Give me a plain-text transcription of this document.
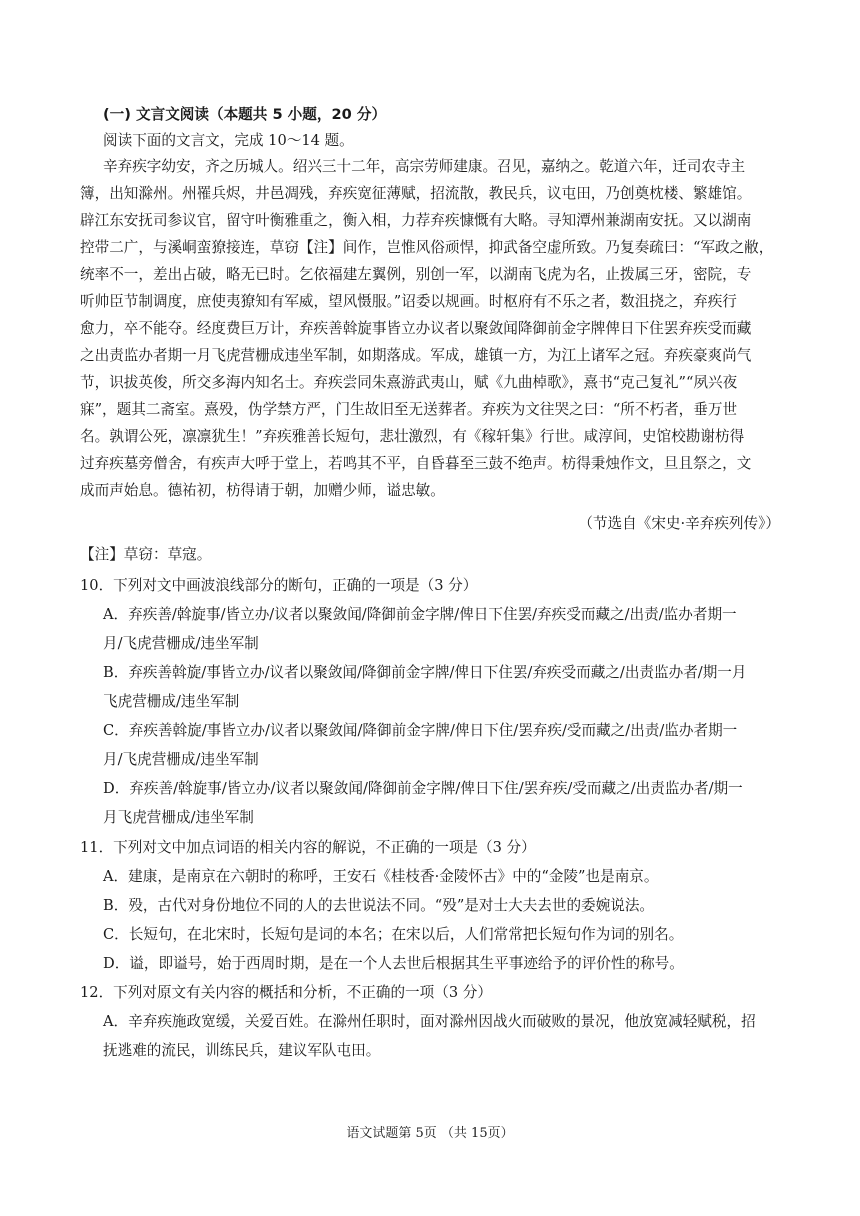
(一) 文言文阅读（本题共 5 小题，20 分）
阅读下面的文言文，完成 10～14 题。
辛弃疾字幼安，齐之历城人。绍兴三十二年，高宗劳师建康。召见，嘉纳之。乾道六年，迁司农寺主
簿，出知滁州。州罹兵烬，井邑凋残，弃疾宽征薄赋，招流散，教民兵，议屯田，乃创奠枕楼、繁雄馆。
辟江东安抚司参议官，留守叶衡雅重之，衡入相，力荐弃疾慷慨有大略。寻知潭州兼湖南安抚。又以湖南
控带二广，与溪峒蛮獠接连，草窃【注】间作，岂惟风俗顽悍，抑武备空虚所致。乃复奏疏曰：“军政之敝，
统率不一，差出占破，略无已时。乞依福建左翼例，别创一军，以湖南飞虎为名，止拨属三牙，密院，专
听帅臣节制调度，庶使夷獠知有军威，望风慑服。”诏委以规画。时枢府有不乐之者，数沮挠之，弃疾行
愈力，卒不能夺。经度费巨万计，弃疾善斡旋事皆立办议者以聚敛闻降御前金字牌俾日下住罢弃疾受而藏
之出责监办者期一月飞虎营栅成违坐军制，如期落成。军成，雄镇一方，为江上诸军之冠。弃疾豪爽尚气
节，识拔英俊，所交多海内知名士。弃疾尝同朱熹游武夷山，赋《九曲棹歌》，熹书“克己复礼”“夙兴夜
寐”，题其二斋室。熹殁，伪学禁方严，门生故旧至无送葬者。弃疾为文往哭之曰：“所不朽者，垂万世
名。孰谓公死，凛凛犹生！”弃疾雅善长短句，悲壮激烈，有《稼轩集》行世。咸淳间，史馆校勘谢枋得
过弃疾墓旁僧舍，有疾声大呼于堂上，若鸣其不平，自昏暮至三鼓不绝声。枋得秉烛作文，旦且祭之，文
成而声始息。德祐初，枋得请于朝，加赠少师，谥忠敏。
（节选自《宋史·辛弃疾列传》）
【注】草窃：草寇。
10．下列对文中画波浪线部分的断句，正确的一项是（3 分）
A．弃疾善/斡旋事/皆立办/议者以聚敛闻/降御前金字牌/俾日下住罢/弃疾受而藏之/出责/监办者期一
月/飞虎营栅成/违坐军制
B．弃疾善斡旋/事皆立办/议者以聚敛闻/降御前金字牌/俾日下住罢/弃疾受而藏之/出责监办者/期一月
飞虎营栅成/违坐军制
C．弃疾善斡旋/事皆立办/议者以聚敛闻/降御前金字牌/俾日下住/罢弃疾/受而藏之/出责/监办者期一
月/飞虎营栅成/违坐军制
D．弃疾善/斡旋事/皆立办/议者以聚敛闻/降御前金字牌/俾日下住/罢弃疾/受而藏之/出责监办者/期一
月飞虎营栅成/违坐军制
11．下列对文中加点词语的相关内容的解说，不正确的一项是（3 分）
A．建康，是南京在六朝时的称呼，王安石《桂枝香·金陵怀古》中的“金陵”也是南京。
B．殁，古代对身份地位不同的人的去世说法不同。“殁”是对士大夫去世的委婉说法。
C．长短句，在北宋时，长短句是词的本名；在宋以后，人们常常把长短句作为词的别名。
D．谥，即谥号，始于西周时期，是在一个人去世后根据其生平事迹给予的评价性的称号。
12．下列对原文有关内容的概括和分析，不正确的一项（3 分）
A．辛弃疾施政宽缓，关爱百姓。在滁州任职时，面对滁州因战火而破败的景况，他放宽减轻赋税，招
抚逃难的流民，训练民兵，建议军队屯田。
语文试题第 5页 （共 15页）
